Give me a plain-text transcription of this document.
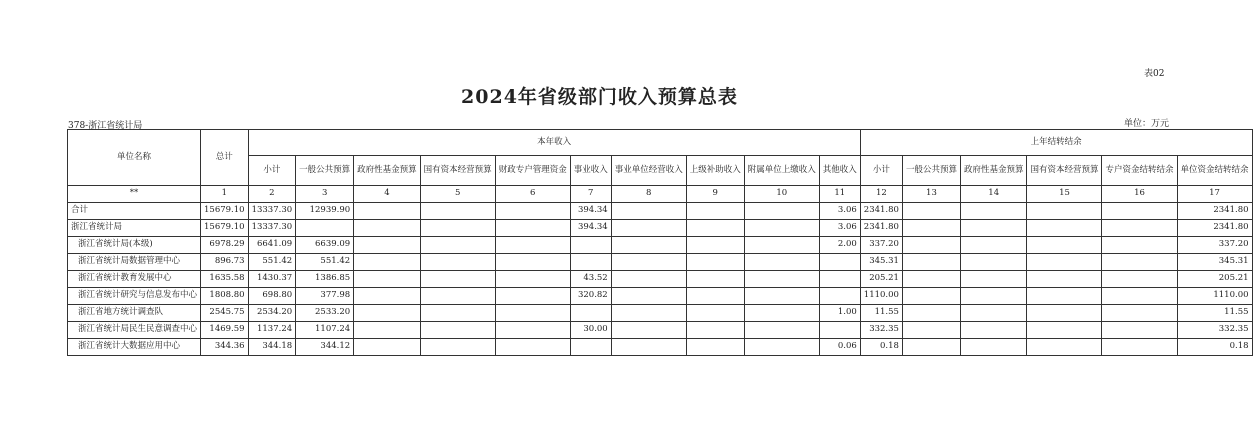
表02
2024年省级部门收入预算总表
378-浙江省统计局	单位：万元
单位名称	总计	本年收入										上年结转结余					
		小计	一般公共预算	政府性基金预算	国有资本经营预算	财政专户管理资金	事业收入	事业单位经营收入	上级补助收入	附属单位上缴收入	其他收入	小计	一般公共预算	政府性基金预算	国有资本经营预算	专户资金结转结余	单位资金结转结余
**	1	2	3	4	5	6	7	8	9	10	11	12	13	14	15	16	17
合计	15679.10	13337.30	12939.90				394.34				3.06	2341.80					2341.80
浙江省统计局	15679.10	13337.30					394.34				3.06	2341.80					2341.80
浙江省统计局(本级)	6978.29	6641.09	6639.09								2.00	337.20					337.20
浙江省统计局数据管理中心	896.73	551.42	551.42									345.31					345.31
浙江省统计教育发展中心	1635.58	1430.37	1386.85				43.52					205.21					205.21
浙江省统计研究与信息发布中心	1808.80	698.80	377.98				320.82					1110.00					1110.00
浙江省地方统计调查队	2545.75	2534.20	2533.20								1.00	11.55					11.55
浙江省统计局民生民意调查中心	1469.59	1137.24	1107.24				30.00					332.35					332.35
浙江省统计大数据应用中心	344.36	344.18	344.12								0.06	0.18					0.18
